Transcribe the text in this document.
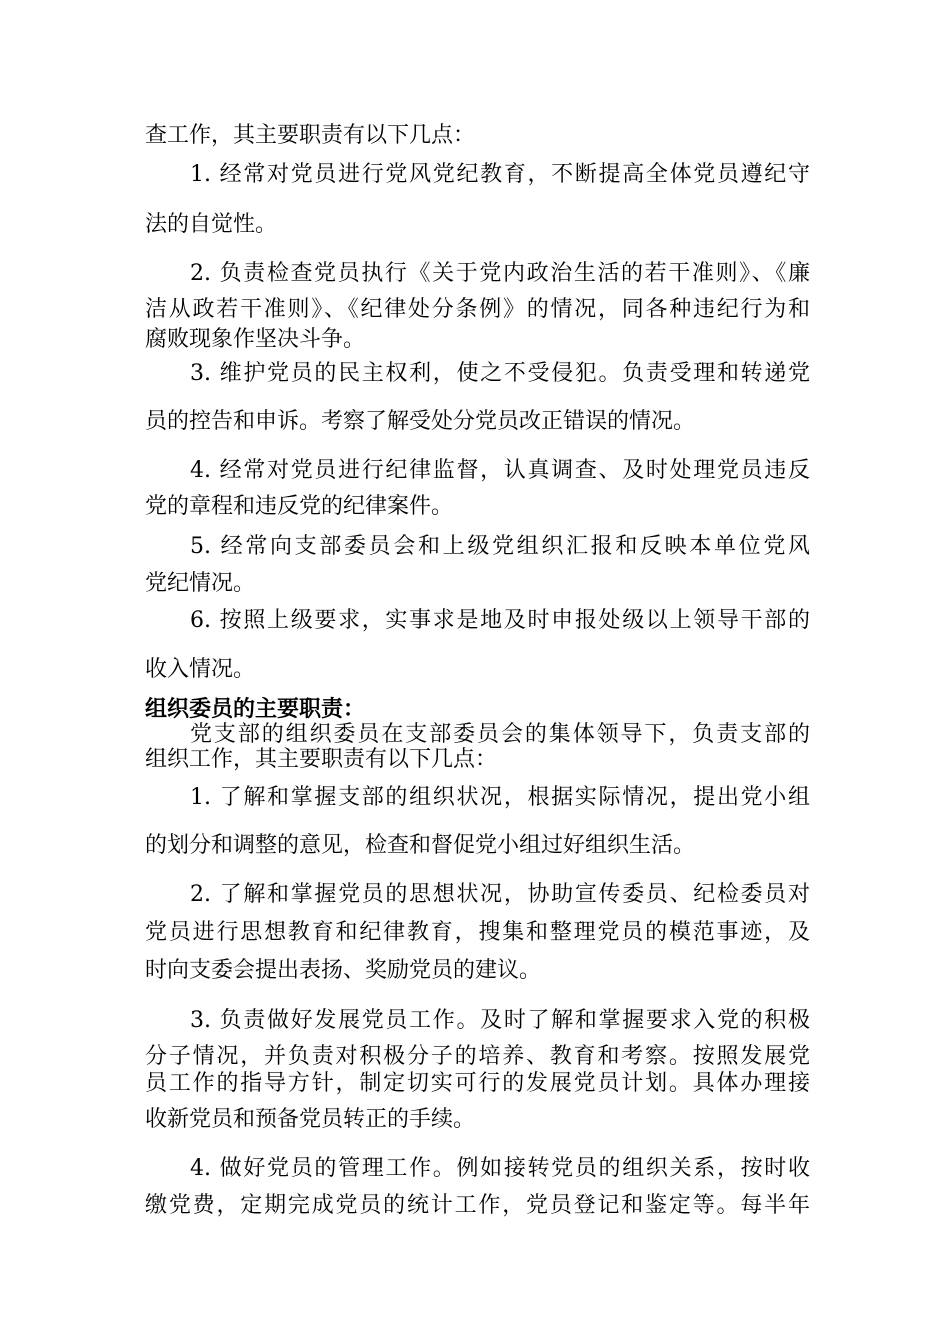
查工作，其主要职责有以下几点：
1. 经常对党员进行党风党纪教育，不断提高全体党员遵纪守
法的自觉性。
2. 负责检查党员执行《关于党内政治生活的若干准则》、《廉
洁从政若干准则》、《纪律处分条例》的情况，同各种违纪行为和
腐败现象作坚决斗争。
3. 维护党员的民主权利，使之不受侵犯。负责受理和转递党
员的控告和申诉。考察了解受处分党员改正错误的情况。
4. 经常对党员进行纪律监督，认真调查、及时处理党员违反
党的章程和违反党的纪律案件。
5. 经常向支部委员会和上级党组织汇报和反映本单位党风
党纪情况。
6. 按照上级要求，实事求是地及时申报处级以上领导干部的
收入情况。
组织委员的主要职责：
党支部的组织委员在支部委员会的集体领导下，负责支部的
组织工作，其主要职责有以下几点：
1. 了解和掌握支部的组织状况，根据实际情况，提出党小组
的划分和调整的意见，检查和督促党小组过好组织生活。
2. 了解和掌握党员的思想状况，协助宣传委员、纪检委员对
党员进行思想教育和纪律教育，搜集和整理党员的模范事迹，及
时向支委会提出表扬、奖励党员的建议。
3. 负责做好发展党员工作。及时了解和掌握要求入党的积极
分子情况，并负责对积极分子的培养、教育和考察。按照发展党
员工作的指导方针，制定切实可行的发展党员计划。具体办理接
收新党员和预备党员转正的手续。
4. 做好党员的管理工作。例如接转党员的组织关系，按时收
缴党费，定期完成党员的统计工作，党员登记和鉴定等。每半年
